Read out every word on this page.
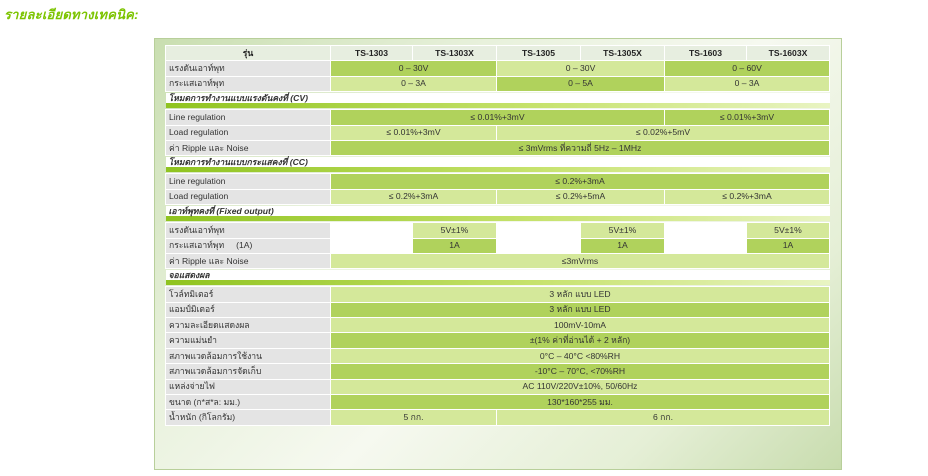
รายละเอียดทางเทคนิค:
รุ่น	TS-1303	TS-1303X	TS-1305	TS-1305X	TS-1603	TS-1603X
แรงดันเอาท์พุท	0 – 30V		0 – 30V		0 – 60V	
กระแสเอาท์พุท	0 – 3A		0 – 5A		0 – 3A	

โหมดการทำงานแบบแรงดันคงที่ (CV)						

Line regulation	≤ 0.01%+3mV				≤ 0.01%+3mV	
Load regulation	≤ 0.01%+3mV		≤ 0.02%+5mV			
ค่า Ripple และ Noise	≤ 3mVrms ที่ความถี่ 5Hz – 1MHz					

โหมดการทำงานแบบกระแสคงที่ (CC)						

Line regulation	≤ 0.2%+3mA					
Load regulation	≤ 0.2%+3mA		≤ 0.2%+5mA		≤ 0.2%+3mA	

เอาท์พุทคงที่ (Fixed output)						

แรงดันเอาท์พุท		5V±1%		5V±1%		5V±1%
กระแสเอาท์พุท     (1A)		1A		1A		1A
ค่า Ripple และ Noise	≤3mVrms					

จอแสดงผล						

โวล์ทมิเตอร์	3 หลัก แบบ LED					
แอมป์มิเตอร์	3 หลัก แบบ LED					
ความละเอียดแสดงผล	100mV-10mA					
ความแม่นยำ	±(1% ค่าที่อ่านได้ + 2 หลัก)					
สภาพแวดล้อมการใช้งาน	0°C – 40°C <80%RH					
สภาพแวดล้อมการจัดเก็บ	-10°C – 70°C, <70%RH					
แหล่งจ่ายไฟ	AC 110V/220V±10%, 50/60Hz					
ขนาด (ก*ส*ล: มม.)	130*160*255 มม.					
น้ำหนัก (กิโลกรัม)	5 กก.		6 กก.			
